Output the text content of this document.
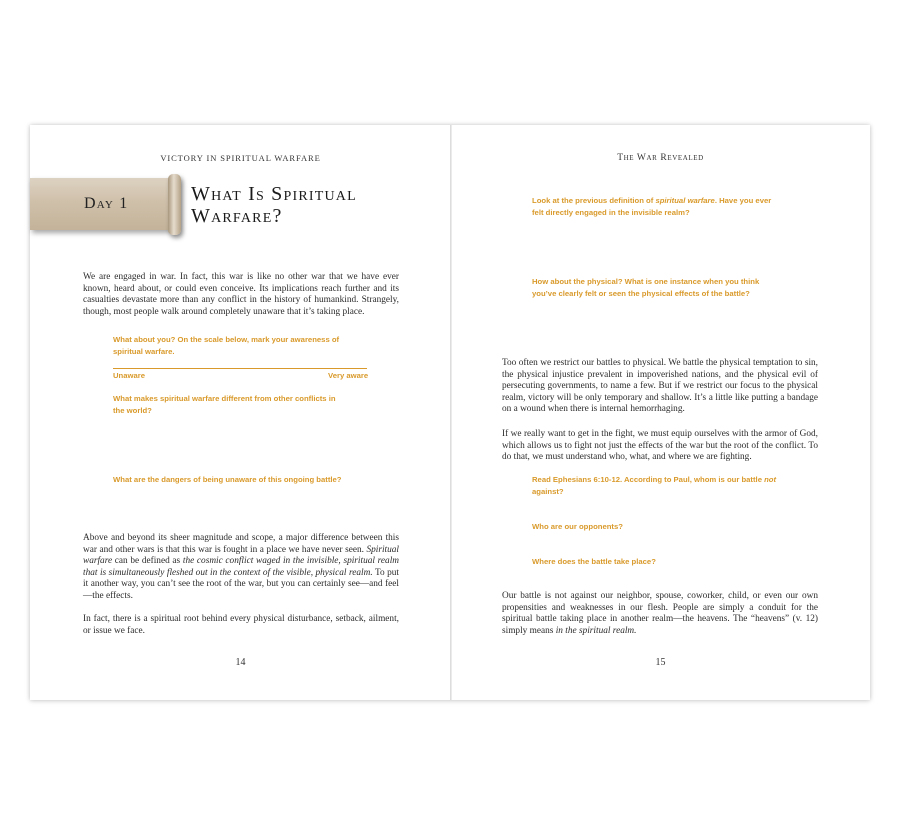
VICTORY IN SPIRITUAL WARFARE
Day 1	What Is Spiritual
Warfare?

We are engaged in war. In fact, this war is like no other war that we have ever known, heard about, or could even conceive. Its implications reach further and its casualties devastate more than any conflict in the history of humankind. Strangely, though, most people walk around completely unaware that it’s taking place.

What about you? On the scale below, mark your awareness of spiritual warfare.
Unaware	Very aware
What makes spiritual warfare different from other conflicts in the world?
What are the dangers of being unaware of this ongoing battle?

Above and beyond its sheer magnitude and scope, a major difference between this war and other wars is that this war is fought in a place we have never seen. Spiritual warfare can be defined as the cosmic conflict waged in the invisible, spiritual realm that is simultaneously fleshed out in the context of the visible, physical realm. To put it another way, you can’t see the root of the war, but you can certainly see—and feel—the effects.

In fact, there is a spiritual root behind every physical disturbance, setback, ailment, or issue we face.

14
The War Revealed
Look at the previous definition of spiritual warfare. Have you ever felt directly engaged in the invisible realm?
How about the physical? What is one instance when you think you’ve clearly felt or seen the physical effects of the battle?

Too often we restrict our battles to physical. We battle the physical temptation to sin, the physical injustice prevalent in impoverished nations, and the physical evil of persecuting governments, to name a few. But if we restrict our focus to the physical realm, victory will be only temporary and shallow. It’s a little like putting a bandage on a wound when there is internal hemorrhaging.

If we really want to get in the fight, we must equip ourselves with the armor of God, which allows us to fight not just the effects of the war but the root of the conflict. To do that, we must understand who, what, and where we are fighting.

Read Ephesians 6:10-12. According to Paul, whom is our battle not against?
Who are our opponents?
Where does the battle take place?

Our battle is not against our neighbor, spouse, coworker, child, or even our own propensities and weaknesses in our flesh. People are simply a conduit for the spiritual battle taking place in another realm—the heavens. The “heavens” (v. 12) simply means in the spiritual realm.

15
